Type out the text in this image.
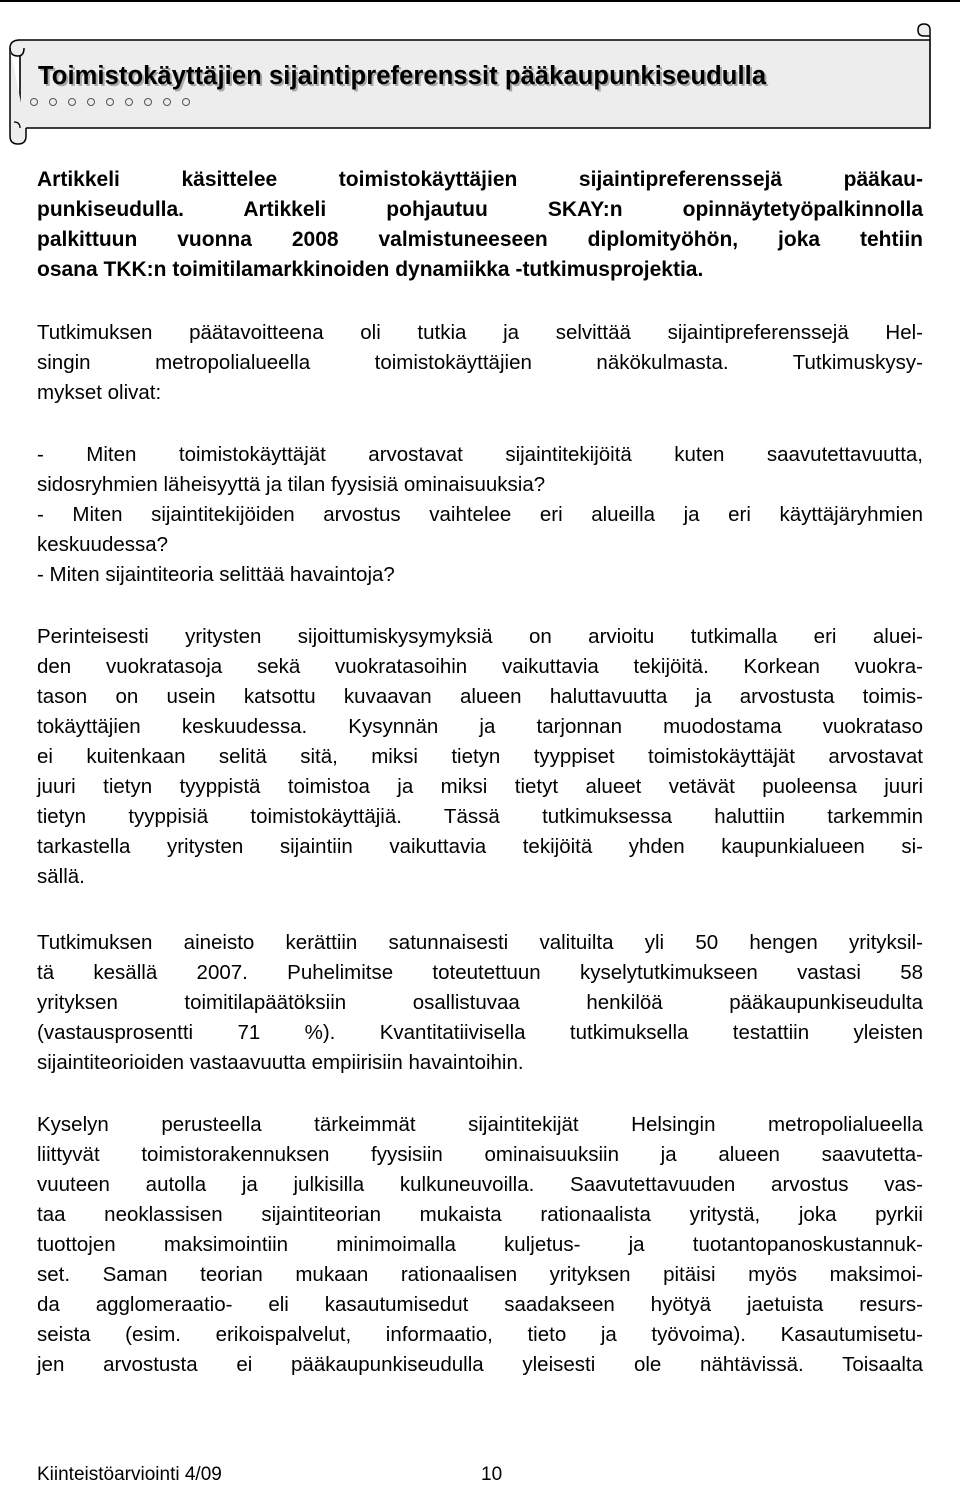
Toimistokäyttäjien sijaintipreferenssit pääkaupunkiseudulla
Artikkeli käsittelee toimistokäyttäjien sijaintipreferenssejä pääkau-
punkiseudulla. Artikkeli pohjautuu SKAY:n opinnäytetyöpalkinnolla
palkittuun vuonna 2008 valmistuneeseen diplomityöhön, joka tehtiin
osana TKK:n toimitilamarkkinoiden dynamiikka -tutkimusprojektia.
Tutkimuksen päätavoitteena oli tutkia ja selvittää sijaintipreferenssejä Hel-
singin metropolialueella toimistokäyttäjien näkökulmasta. Tutkimuskysy-
mykset olivat:
- Miten toimistokäyttäjät arvostavat sijaintitekijöitä kuten saavutettavuutta,
sidosryhmien läheisyyttä ja tilan fyysisiä ominaisuuksia?
- Miten sijaintitekijöiden arvostus vaihtelee eri alueilla ja eri käyttäjäryhmien
keskuudessa?
- Miten sijaintiteoria selittää havaintoja?
Perinteisesti yritysten sijoittumiskysymyksiä on arvioitu tutkimalla eri aluei-
den vuokratasoja sekä vuokratasoihin vaikuttavia tekijöitä. Korkean vuokra-
tason on usein katsottu kuvaavan alueen haluttavuutta ja arvostusta toimis-
tokäyttäjien keskuudessa. Kysynnän ja tarjonnan muodostama vuokrataso
ei kuitenkaan selitä sitä, miksi tietyn tyyppiset toimistokäyttäjät arvostavat
juuri tietyn tyyppistä toimistoa ja miksi tietyt alueet vetävät puoleensa juuri
tietyn tyyppisiä toimistokäyttäjiä. Tässä tutkimuksessa haluttiin tarkemmin
tarkastella yritysten sijaintiin vaikuttavia tekijöitä yhden kaupunkialueen si-
sällä.
Tutkimuksen aineisto kerättiin satunnaisesti valituilta yli 50 hengen yrityksil-
tä kesällä 2007. Puhelimitse toteutettuun kyselytutkimukseen vastasi 58
yrityksen toimitilapäätöksiin osallistuvaa henkilöä pääkaupunkiseudulta
(vastausprosentti 71 %). Kvantitatiivisella tutkimuksella testattiin yleisten
sijaintiteorioiden vastaavuutta empiirisiin havaintoihin.
Kyselyn perusteella tärkeimmät sijaintitekijät Helsingin metropolialueella
liittyvät toimistorakennuksen fyysisiin ominaisuuksiin ja alueen saavutetta-
vuuteen autolla ja julkisilla kulkuneuvoilla. Saavutettavuuden arvostus vas-
taa neoklassisen sijaintiteorian mukaista rationaalista yritystä, joka pyrkii
tuottojen maksimointiin minimoimalla kuljetus- ja tuotantopanoskustannuk-
set. Saman teorian mukaan rationaalisen yrityksen pitäisi myös maksimoi-
da agglomeraatio- eli kasautumisedut saadakseen hyötyä jaetuista resurs-
seista (esim. erikoispalvelut, informaatio, tieto ja työvoima). Kasautumisetu-
jen arvostusta ei pääkaupunkiseudulla yleisesti ole nähtävissä. Toisaalta
Kiinteistöarviointi 4/09	10
